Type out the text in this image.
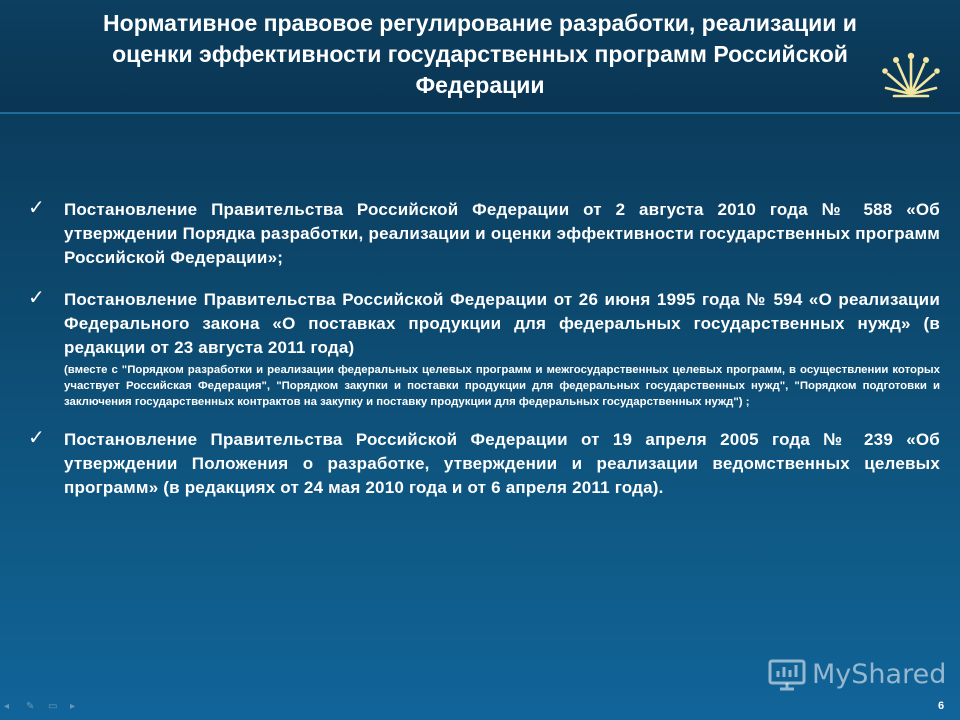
Нормативное правовое регулирование разработки, реализации и оценки эффективности государственных программ Российской Федерации
✓ Постановление Правительства Российской Федерации от 2 августа 2010 года № 588 «Об утверждении Порядка разработки, реализации и оценки эффективности государственных программ Российской Федерации»;
✓ Постановление Правительства Российской Федерации от 26 июня 1995 года № 594 «О реализации Федерального закона «О поставках продукции для федеральных государственных нужд» (в редакции от 23 августа 2011 года)
(вместе с "Порядком разработки и реализации федеральных целевых программ и межгосударственных целевых программ, в осуществлении которых участвует Российская Федерация", "Порядком закупки и поставки продукции для федеральных государственных нужд", "Порядком подготовки и заключения государственных контрактов на закупку и поставку продукции для федеральных государственных нужд") ;
✓ Постановление Правительства Российской Федерации от 19 апреля 2005 года № 239 «Об утверждении Положения о разработке, утверждении и реализации ведомственных целевых программ» (в редакциях от 24 мая 2010 года и от 6 апреля 2011 года).
MyShared
◂	✎	▭	▸	6
